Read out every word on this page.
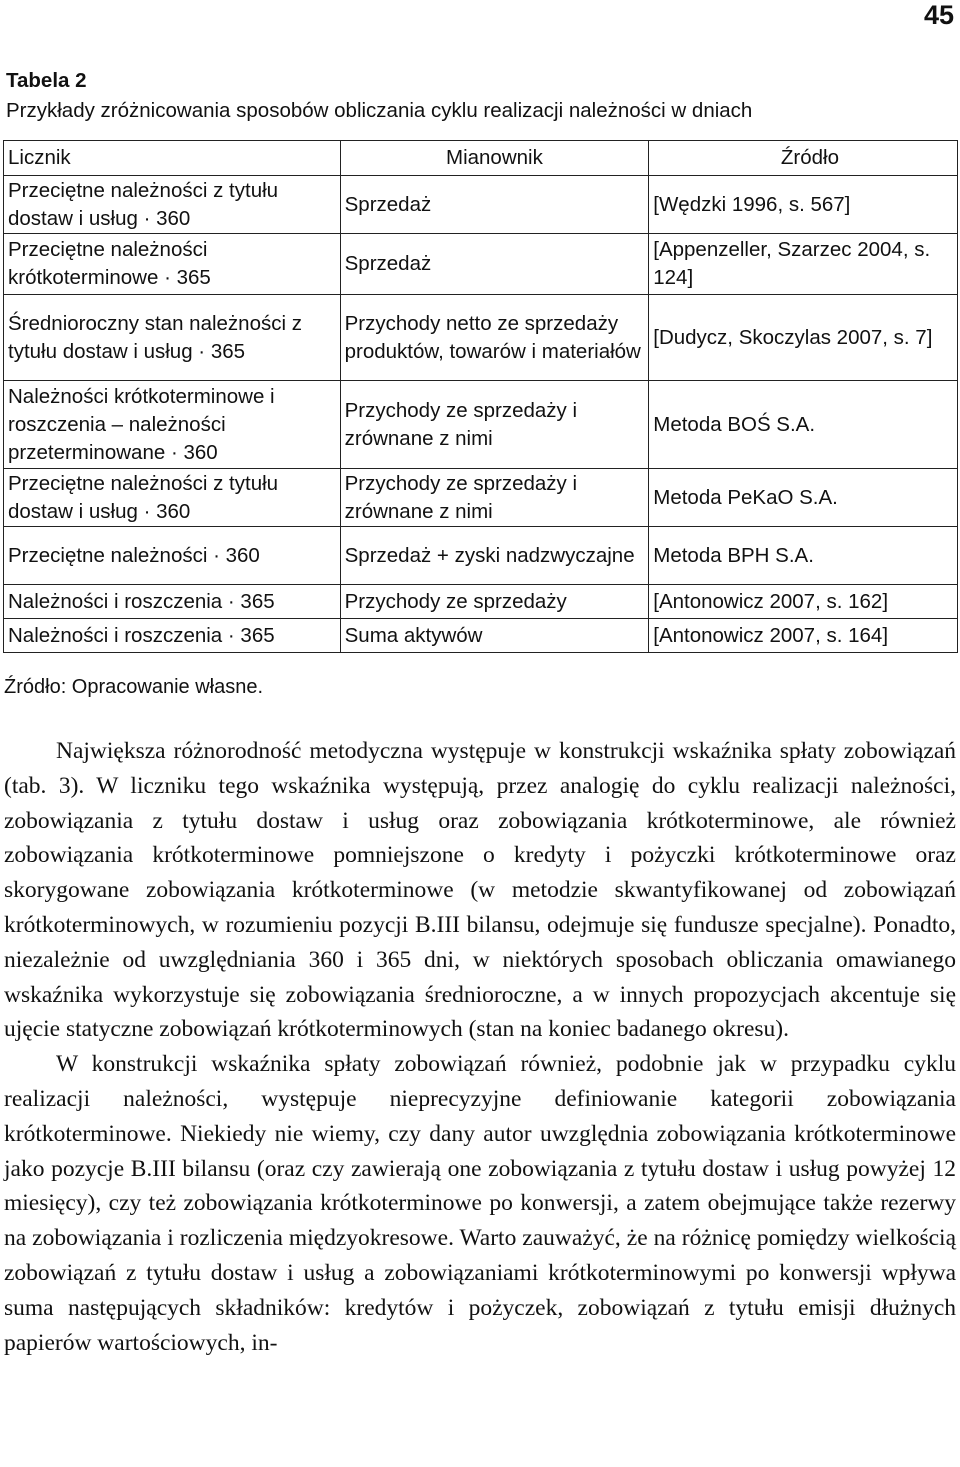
45
Tabela 2
Przykłady zróżnicowania sposobów obliczania cyklu realizacji należności w dniach
Licznik	Mianownik	Źródło
Przeciętne należności z tytułu dostaw i usług · 360	Sprzedaż	[Wędzki 1996, s. 567]
Przeciętne należności krótkoterminowe · 365	Sprzedaż	[Appenzeller, Szarzec 2004, s. 124]
Średnioroczny stan należności z tytułu dostaw i usług · 365	Przychody netto ze sprzedaży produktów, towarów i materiałów	[Dudycz, Skoczylas 2007, s. 7]
Należności krótkoterminowe i roszczenia – należności przeterminowane · 360	Przychody ze sprzedaży i zrównane z nimi	Metoda BOŚ S.A.
Przeciętne należności z tytułu dostaw i usług · 360	Przychody ze sprzedaży i zrównane z nimi	Metoda PeKaO S.A.
Przeciętne należności · 360	Sprzedaż + zyski nadzwyczajne	Metoda BPH S.A.
Należności i roszczenia · 365	Przychody ze sprzedaży	[Antonowicz 2007, s. 162]
Należności i roszczenia · 365	Suma aktywów	[Antonowicz 2007, s. 164]
Źródło: Opracowanie własne.

Największa różnorodność metodyczna występuje w konstrukcji wskaźnika spłaty zobowiązań (tab. 3). W liczniku tego wskaźnika występują, przez analogię do cyklu realizacji należności, zobowiązania z tytułu dostaw i usług oraz zobowiązania krótkoterminowe, ale również zobowiązania krótkoterminowe pomniejszone o kredyty i pożyczki krótkoterminowe oraz skorygowane zobowiązania krótkoterminowe (w metodzie skwantyfikowanej od zobowiązań krótkoterminowych, w rozumieniu pozycji B.III bilansu, odejmuje się fundusze specjalne). Ponadto, niezależnie od uwzględniania 360 i 365 dni, w niektórych sposobach obliczania omawianego wskaźnika wykorzystuje się zobowiązania średnioroczne, a w innych propozycjach akcentuje się ujęcie statyczne zobowiązań krótkoterminowych (stan na koniec badanego okresu).

W konstrukcji wskaźnika spłaty zobowiązań również, podobnie jak w przypadku cyklu realizacji należności, występuje nieprecyzyjne definiowanie kategorii zobowiązania krótkoterminowe. Niekiedy nie wiemy, czy dany autor uwzględnia zobowiązania krótkoterminowe jako pozycje B.III bilansu (oraz czy zawierają one zobowiązania z tytułu dostaw i usług powyżej 12 miesięcy), czy też zobowiązania krótkoterminowe po konwersji, a zatem obejmujące także rezerwy na zobowiązania i rozliczenia międzyokresowe. Warto zauważyć, że na różnicę pomiędzy wielkością zobowiązań z tytułu dostaw i usług a zobowiązaniami krótkoterminowymi po konwersji wpływa suma następujących składników: kredytów i pożyczek, zobowiązań z tytułu emisji dłużnych papierów wartościowych, in-
